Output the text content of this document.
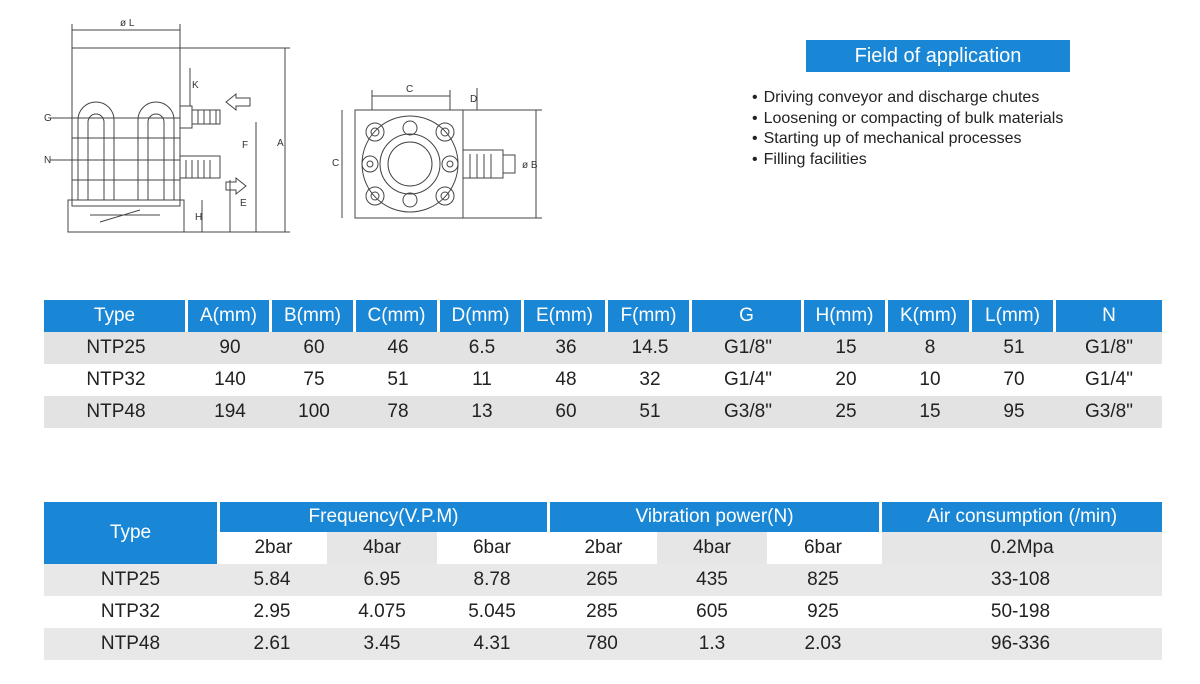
ø L
K
G
N
F	A
E
H
C
C
D
ø B
Field of application
• Driving conveyor and discharge chutes
• Loosening or compacting of bulk materials
• Starting up of mechanical processes
• Filling facilities
Type	A(mm)	B(mm)	C(mm)	D(mm)	E(mm)	F(mm)	G	H(mm)	K(mm)	L(mm)	N
NTP25	90	60	46	6.5	36	14.5	G1/8"	15	8	51	G1/8"
NTP32	140	75	51	11	48	32	G1/4"	20	10	70	G1/4"
NTP48	194	100	78	13	60	51	G3/8"	25	15	95	G3/8"
Type	Frequency(V.P.M)			Vibration power(N)			Air consumption (/min)
	2bar	4bar	6bar	2bar	4bar	6bar	0.2Mpa
NTP25	5.84	6.95	8.78	265	435	825	33-108
NTP32	2.95	4.075	5.045	285	605	925	50-198
NTP48	2.61	3.45	4.31	780	1.3	2.03	96-336
